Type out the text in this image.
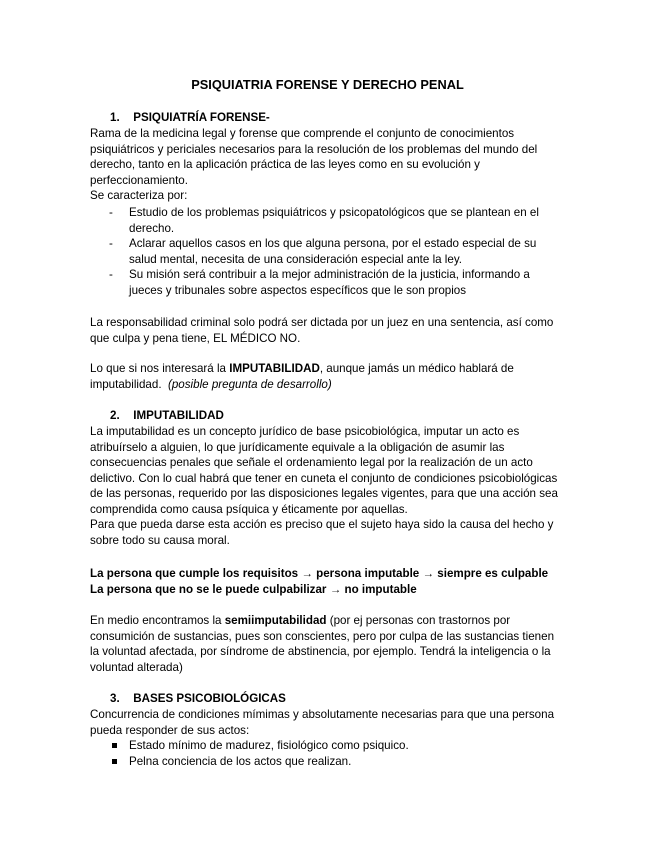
PSIQUIATRIA FORENSE Y DERECHO PENAL
1. PSIQUIATRÍA FORENSE-

Rama de la medicina legal y forense que comprende el conjunto de conocimientos psiquiátricos y periciales necesarios para la resolución de los problemas del mundo del derecho, tanto en la aplicación práctica de las leyes como en su evolución y perfeccionamiento.

Se caracteriza por:

- Estudio de los problemas psiquiátricos y psicopatológicos que se plantean en el derecho.
- Aclarar aquellos casos en los que alguna persona, por el estado especial de su salud mental, necesita de una consideración especial ante la ley.
- Su misión será contribuir a la mejor administración de la justicia, informando a jueces y tribunales sobre aspectos específicos que le son propios

La responsabilidad criminal solo podrá ser dictada por un juez en una sentencia, así como que culpa y pena tiene, EL MÉDICO NO.

Lo que si nos interesará la IMPUTABILIDAD, aunque jamás un médico hablará de imputabilidad. (posible pregunta de desarrollo)

2. IMPUTABILIDAD

La imputabilidad es un concepto jurídico de base psicobiológica, imputar un acto es atribuírselo a alguien, lo que jurídicamente equivale a la obligación de asumir las consecuencias penales que señale el ordenamiento legal por la realización de un acto delictivo. Con lo cual habrá que tener en cuneta el conjunto de condiciones psicobiológicas de las personas, requerido por las disposiciones legales vigentes, para que una acción sea comprendida como causa psíquica y éticamente por aquellas.

Para que pueda darse esta acción es preciso que el sujeto haya sido la causa del hecho y sobre todo su causa moral.

La persona que cumple los requisitos → persona imputable → siempre es culpable

La persona que no se le puede culpabilizar → no imputable

En medio encontramos la semiimputabilidad (por ej personas con trastornos por consumición de sustancias, pues son conscientes, pero por culpa de las sustancias tienen la voluntad afectada, por síndrome de abstinencia, por ejemplo. Tendrá la inteligencia o la voluntad alterada)

3. BASES PSICOBIOLÓGICAS

Concurrencia de condiciones mímimas y absolutamente necesarias para que una persona pueda responder de sus actos:

Estado mínimo de madurez, fisiológico como psiquico.
Pelna conciencia de los actos que realizan.
